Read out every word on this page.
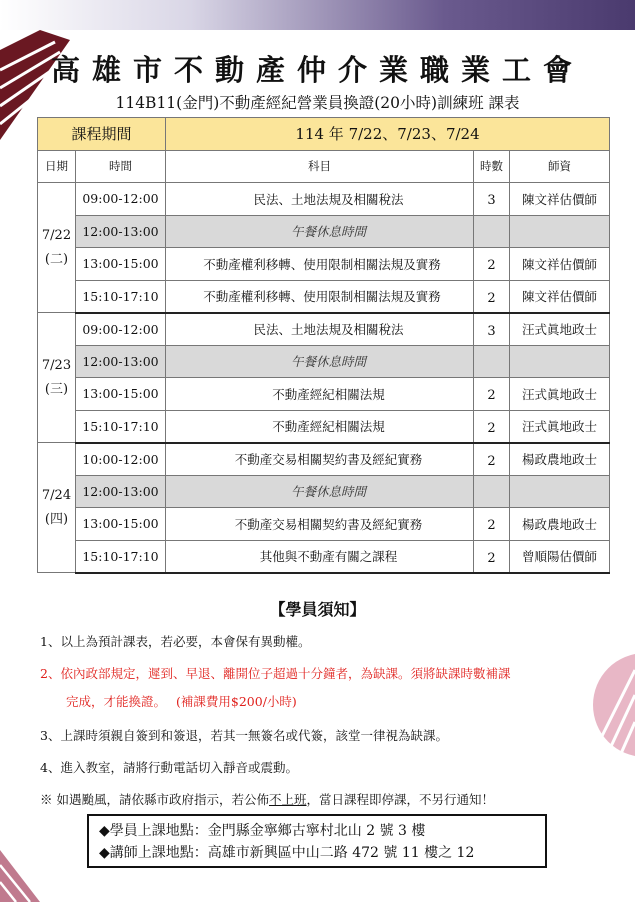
高雄市不動產仲介業職業工會
114B11(金門)不動產經紀營業員換證(20小時)訓練班 課表
課程期間		114 年 7/22、7/23、7/24		
日期	時間	科目	時數	師資

7/22
(二)	09:00-12:00	民法、土地法規及相關稅法	3	陳文祥估價師
	12:00-13:00	午餐休息時間		
	13:00-15:00	不動產權利移轉、使用限制相關法規及實務	2	陳文祥估價師
	15:10-17:10	不動產權利移轉、使用限制相關法規及實務	2	陳文祥估價師

7/23
(三)	09:00-12:00	民法、土地法規及相關稅法	3	汪式眞地政士
	12:00-13:00	午餐休息時間		
	13:00-15:00	不動產經紀相關法規	2	汪式眞地政士
	15:10-17:10	不動產經紀相關法規	2	汪式眞地政士

7/24
(四)	10:00-12:00	不動產交易相關契約書及經紀實務	2	楊政農地政士
	12:00-13:00	午餐休息時間		
	13:00-15:00	不動產交易相關契約書及經紀實務	2	楊政農地政士
	15:10-17:10	其他與不動產有關之課程	2	曾順陽估價師
【學員須知】
1、以上為預計課表，若必要，本會保有異動權。
2、依內政部規定，遲到、早退、離開位子超過十分鐘者，為缺課。須將缺課時數補課
完成，才能換證。 (補課費用$200/小時)
3、上課時須親自簽到和簽退，若其一無簽名或代簽，該堂一律視為缺課。
4、進入教室，請將行動電話切入靜音或震動。
※ 如遇颱風，請依縣市政府指示，若公佈不上班，當日課程即停課，不另行通知！
◆學員上課地點：金門縣金寧鄉古寧村北山 2 號 3 樓
◆講師上課地點：高雄市新興區中山二路 472 號 11 樓之 12
